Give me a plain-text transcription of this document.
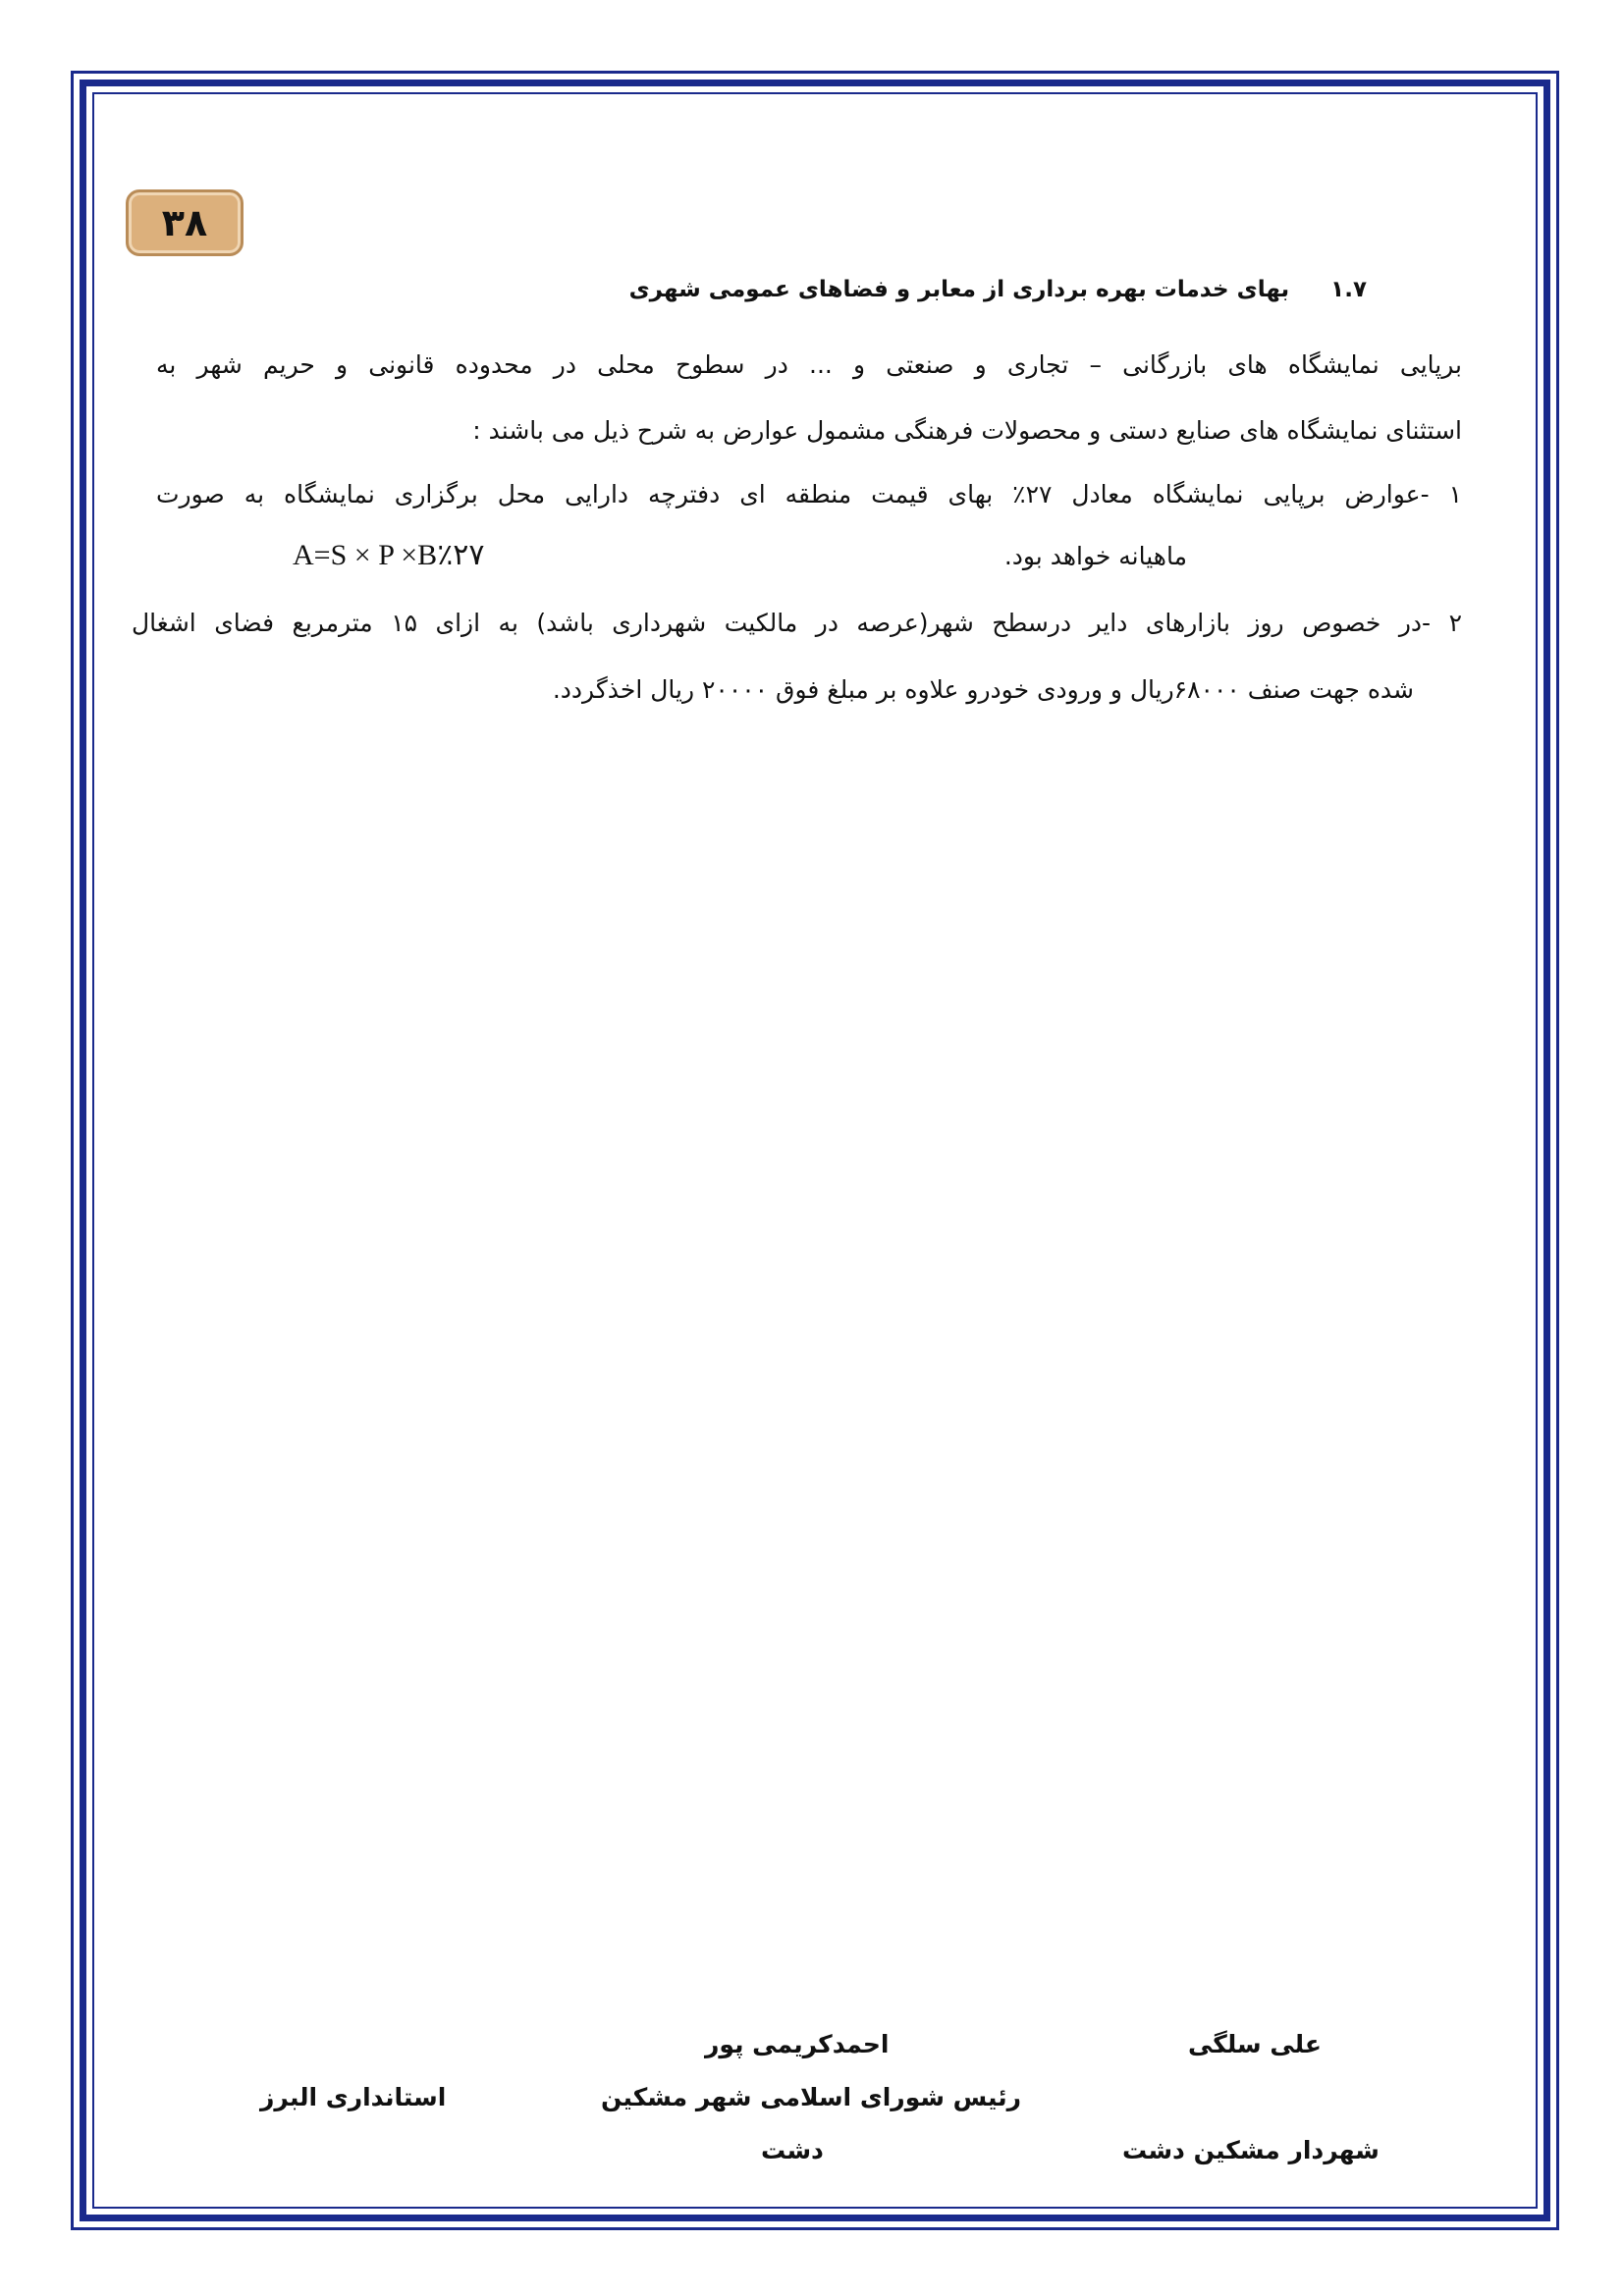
۳۸
۱.۷بهای خدمات بهره برداری از معابر و فضاهای عمومی شهری
برپایی نمایشگاه های بازرگانی – تجاری و صنعتی و ... در سطوح محلی در محدوده قانونی و حریم شهر به
استثنای نمایشگاه های صنایع دستی و محصولات فرهنگی مشمول عوارض به شرح ذیل می باشند :
۱ -عوارض برپایی نمایشگاه معادل ۲۷٪ بهای قیمت منطقه ای دفترچه دارایی محل برگزاری نمایشگاه به صورت
ماهیانه خواهد بود.
A=S × P ×B٪۲۷
۲ -در خصوص روز بازارهای دایر درسطح شهر(عرصه در مالکیت شهرداری باشد) به ازای ۱۵ مترمربع فضای اشغال
شده جهت صنف ۶۸۰۰۰ریال و ورودی خودرو علاوه بر مبلغ فوق ۲۰۰۰۰ ریال اخذگردد.
علی سلگی
شهردار مشکین دشت
احمدکریمی پور
رئیس شورای اسلامی شهر مشکین
دشت
استانداری البرز
